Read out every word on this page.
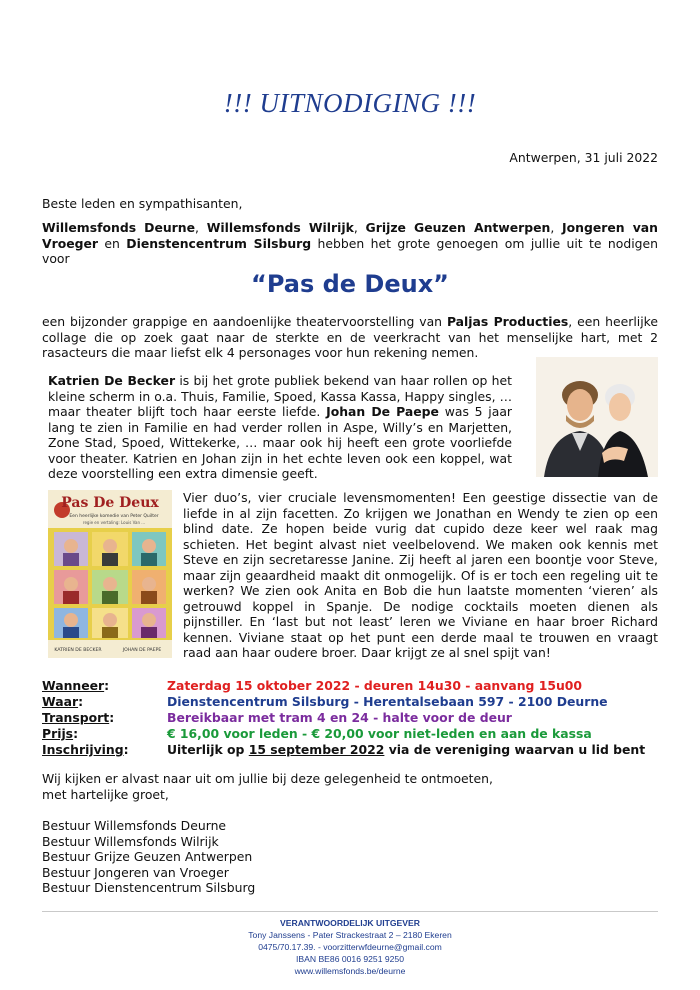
!!! UITNODIGING !!!
Antwerpen, 31 juli 2022
Beste leden en sympathisanten,
Willemsfonds Deurne, Willemsfonds Wilrijk, Grijze Geuzen Antwerpen, Jongeren van Vroeger en Dienstencentrum Silsburg hebben het grote genoegen om jullie uit te nodigen voor
“Pas de Deux”
een bijzonder grappige en aandoenlijke theatervoorstelling van Paljas Producties, een heerlijke collage die op zoek gaat naar de sterkte en de veerkracht van het menselijke hart, met 2 rasacteurs die maar liefst elk 4 personages voor hun rekening nemen.
Katrien De Becker is bij het grote publiek bekend van haar rollen op het kleine scherm in o.a. Thuis, Familie, Spoed, Kassa Kassa, Happy singles, … maar theater blijft toch haar eerste liefde. Johan De Paepe was 5 jaar lang te zien in Familie en had verder rollen in Aspe, Willy’s en Marjetten, Zone Stad, Spoed, Wittekerke, … maar ook hij heeft een grote voorliefde voor theater. Katrien en Johan zijn in het echte leven ook een koppel, wat deze voorstelling een extra dimensie geeft.
Pas De Deux
Een heerlijke komedie van Peter Quilter
regie en vertaling: Louis Van ...
KATRIEN DE BECKER	JOHAN DE PAEPE
Vier duo’s, vier cruciale levensmomenten! Een geestige dissectie van de liefde in al zijn facetten. Zo krijgen we Jonathan en Wendy te zien op een blind date. Ze hopen beide vurig dat cupido deze keer wel raak mag schieten. Het begint alvast niet veelbelovend. We maken ook kennis met Steve en zijn secretaresse Janine. Zij heeft al jaren een boontje voor Steve, maar zijn geaardheid maakt dit onmogelijk. Of is er toch een regeling uit te werken? We zien ook Anita en Bob die hun laatste momenten ‘vieren’ als getrouwd koppel in Spanje. De nodige cocktails moeten dienen als pijnstiller. En ‘last but not least’ leren we Viviane en haar broer Richard kennen. Viviane staat op het punt een derde maal te trouwen en vraagt raad aan haar oudere broer. Daar krijgt ze al snel spijt van!
Wanneer:	Zaterdag 15 oktober 2022 - deuren 14u30 - aanvang 15u00
Waar:	Dienstencentrum Silsburg - Herentalsebaan 597 - 2100 Deurne
Transport:	Bereikbaar met tram 4 en 24 - halte voor de deur
Prijs:	€ 16,00 voor leden - € 20,00 voor niet-leden en aan de kassa
Inschrijving:	Uiterlijk op 15 september 2022 via de vereniging waarvan u lid bent
Wij kijken er alvast naar uit om jullie bij deze gelegenheid te ontmoeten,
met hartelijke groet,
Bestuur Willemsfonds Deurne
Bestuur Willemsfonds Wilrijk
Bestuur Grijze Geuzen Antwerpen
Bestuur Jongeren van Vroeger
Bestuur Dienstencentrum Silsburg
VERANTWOORDELIJK UITGEVER
Tony Janssens - Pater Strackestraat 2 – 2180 Ekeren
0475/70.17.39. - voorzitterwfdeurne@gmail.com
IBAN BE86 0016 9251 9250
www.willemsfonds.be/deurne
